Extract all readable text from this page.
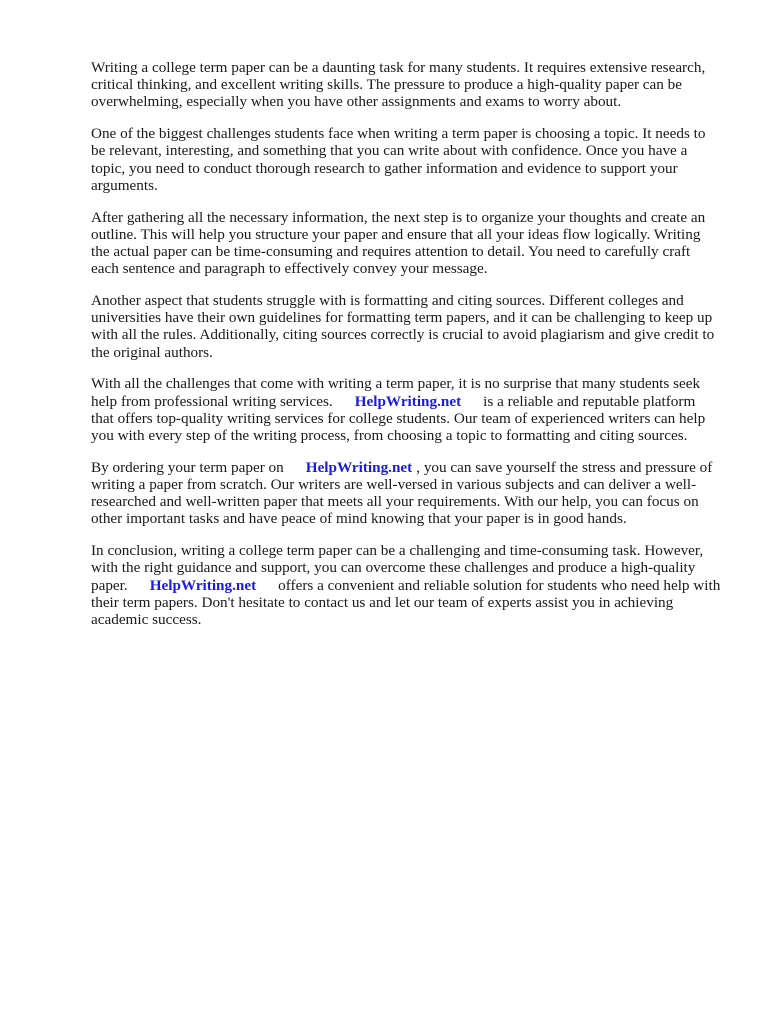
Writing a college term paper can be a daunting task for many students. It requires extensive research, critical thinking, and excellent writing skills. The pressure to produce a high-quality paper can be overwhelming, especially when you have other assignments and exams to worry about.

One of the biggest challenges students face when writing a term paper is choosing a topic. It needs to be relevant, interesting, and something that you can write about with confidence. Once you have a topic, you need to conduct thorough research to gather information and evidence to support your arguments.

After gathering all the necessary information, the next step is to organize your thoughts and create an outline. This will help you structure your paper and ensure that all your ideas flow logically. Writing the actual paper can be time-consuming and requires attention to detail. You need to carefully craft each sentence and paragraph to effectively convey your message.

Another aspect that students struggle with is formatting and citing sources. Different colleges and universities have their own guidelines for formatting term papers, and it can be challenging to keep up with all the rules. Additionally, citing sources correctly is crucial to avoid plagiarism and give credit to the original authors.

With all the challenges that come with writing a term paper, it is no surprise that many students seek help from professional writing services. HelpWriting.net is a reliable and reputable platform that offers top-quality writing services for college students. Our team of experienced writers can help you with every step of the writing process, from choosing a topic to formatting and citing sources.

By ordering your term paper on HelpWriting.net , you can save yourself the stress and pressure of writing a paper from scratch. Our writers are well-versed in various subjects and can deliver a well-researched and well-written paper that meets all your requirements. With our help, you can focus on other important tasks and have peace of mind knowing that your paper is in good hands.

In conclusion, writing a college term paper can be a challenging and time-consuming task. However, with the right guidance and support, you can overcome these challenges and produce a high-quality paper. HelpWriting.net offers a convenient and reliable solution for students who need help with their term papers. Don't hesitate to contact us and let our team of experts assist you in achieving academic success.
